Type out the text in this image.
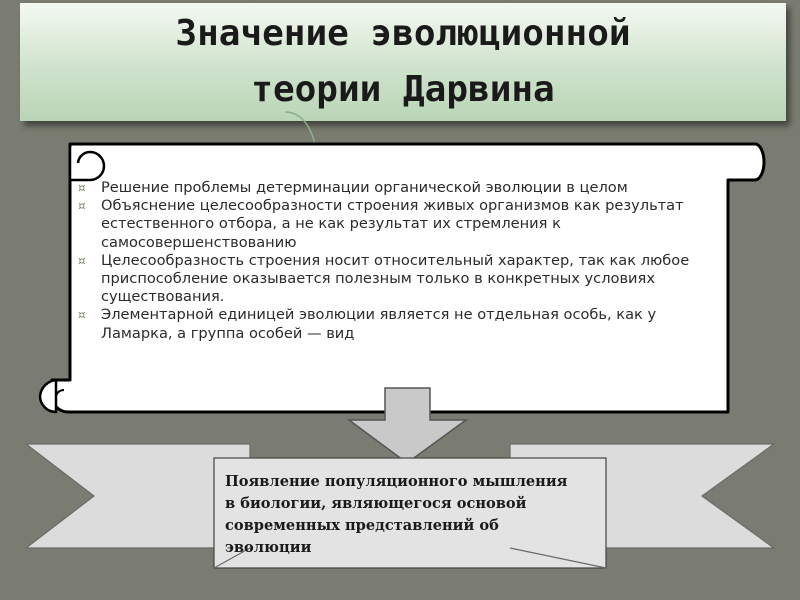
Значение эволюционной
теории Дарвина
¤ Решение проблемы детерминации органической эволюции в целом
¤ Объяснение целесообразности строения живых организмов как результат естественного отбора, а не как результат их стремления к самосовершенствованию
¤ Целесообразность строения носит относительный характер, так как любое приспособление оказывается полезным только в конкретных условиях существования.
¤ Элементарной единицей эволюции является не отдельная особь, как у Ламарка, а группа особей — вид
Появление популяционного мышления в биологии, являющегося основой современных представлений об эволюции
